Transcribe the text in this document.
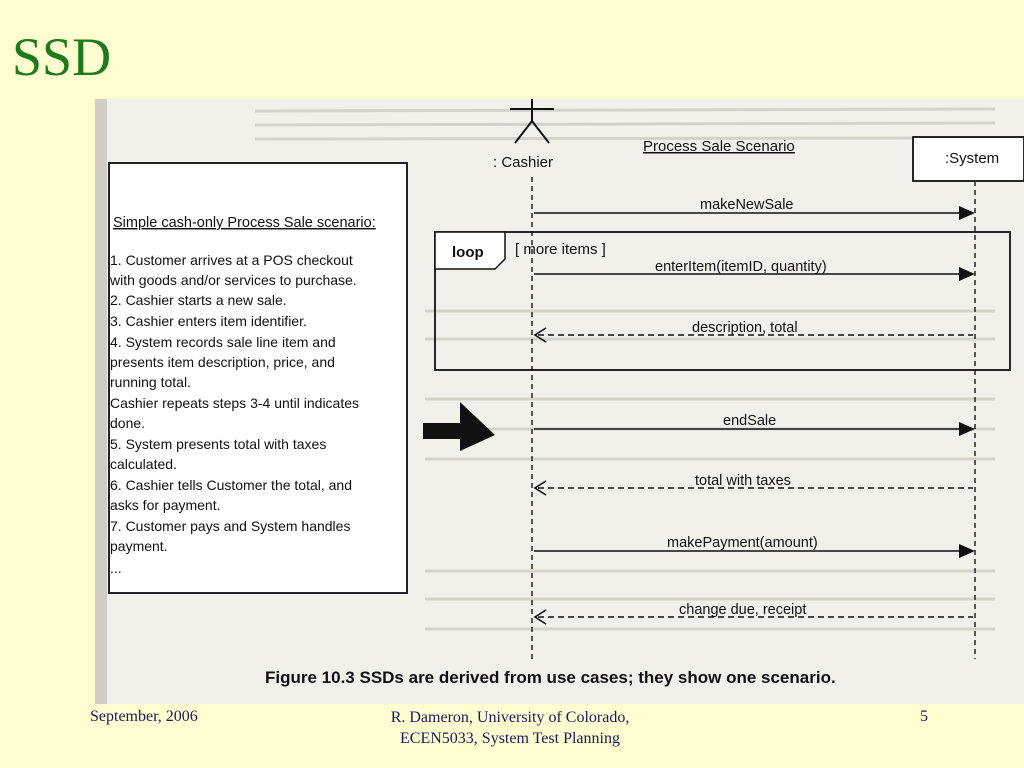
SSD
Simple cash-only Process Sale scenario:
1. Customer arrives at a POS checkout
with goods and/or services to purchase.
2. Cashier starts a new sale.
3. Cashier enters item identifier.
4. System records sale line item and
presents item description, price, and
running total.
Cashier repeats steps 3-4 until indicates
done.
5. System presents total with taxes
calculated.
6. Cashier tells Customer the total, and
asks for payment.
7. Customer pays and System handles
payment.
...
: Cashier
Process Sale Scenario
:System
loop [ more items ]
makeNewSale
enterItem(itemID, quantity)
description, total
endSale
total with taxes
makePayment(amount)
change due, receipt
Figure 10.3 SSDs are derived from use cases; they show one scenario.
September, 2006	R. Dameron, University of Colorado,
ECEN5033, System Test Planning
5
